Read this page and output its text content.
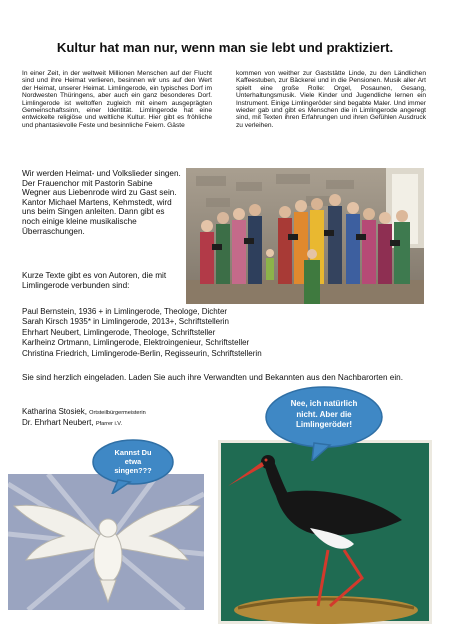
Kultur hat man nur, wenn man sie lebt und praktiziert.

In einer Zeit, in der weltweit Millionen Menschen auf der Flucht sind und ihre Heimat verlieren, besinnen wir uns auf den Wert der Heimat, unserer Heimat. Limlingerode, ein typisches Dorf im Nordwesten Thüringens, aber auch ein ganz besonderes Dorf. Limlingerode ist weltoffen zugleich mit einem ausgeprägten Gemeinschaftssinn, einer Identität. Limlingerode hat eine entwickelte religiöse und weltliche Kultur. Hier gibt es fröhliche und phantasievolle Feste und besinnliche Feiern. Gäste

kommen von weither zur Gaststätte Linde, zu den Ländlichen Kaffeestuben, zur Bäckerei und in die Pensionen. Musik aller Art spielt eine große Rolle: Orgel, Posaunen, Gesang, Unterhaltungsmusik. Viele Kinder und Jugendliche lernen ein Instrument. Einige Limlingeröder sind begabte Maler. Und immer wieder gab und gibt es Menschen die in Limlingerode angeregt sind, mit Texten ihren Erfahrungen und ihren Gefühlen Ausdruck zu verleihen.

Wir werden Heimat- und Volkslieder singen. Der Frauenchor mit Pastorin Sabine Wegner aus Liebenrode wird zu Gast sein. Kantor Michael Martens, Kehmstedt, wird uns beim Singen anleiten. Dann gibt es noch einige kleine musikalische Überraschungen.

Kurze Texte gibt es von Autoren, die mit Limlingerode verbunden sind:

Paul Bernstein, 1936 + in Limlingerode, Theologe, Dichter
Sarah Kirsch 1935* in Limlingerode, 2013+, Schriftstellerin
Ehrhart Neubert, Limlingerode, Theologe, Schriftsteller
Karlheinz Ortmann, Limlingerode, Elektroingenieur, Schriftsteller
Christina Friedrich, Limlingerode-Berlin, Regisseurin, Schriftstellerin

Sie sind herzlich eingeladen. Laden Sie auch ihre Verwandten und Bekannten aus den Nachbarorten ein.

Katharina Stosiek, Ortsteilbürgermeisterin
Dr. Ehrhart Neubert, Pfarrer i.V.
Kannst Du etwa singen???
Nee, ich natürlich nicht. Aber die Limlingeröder!
